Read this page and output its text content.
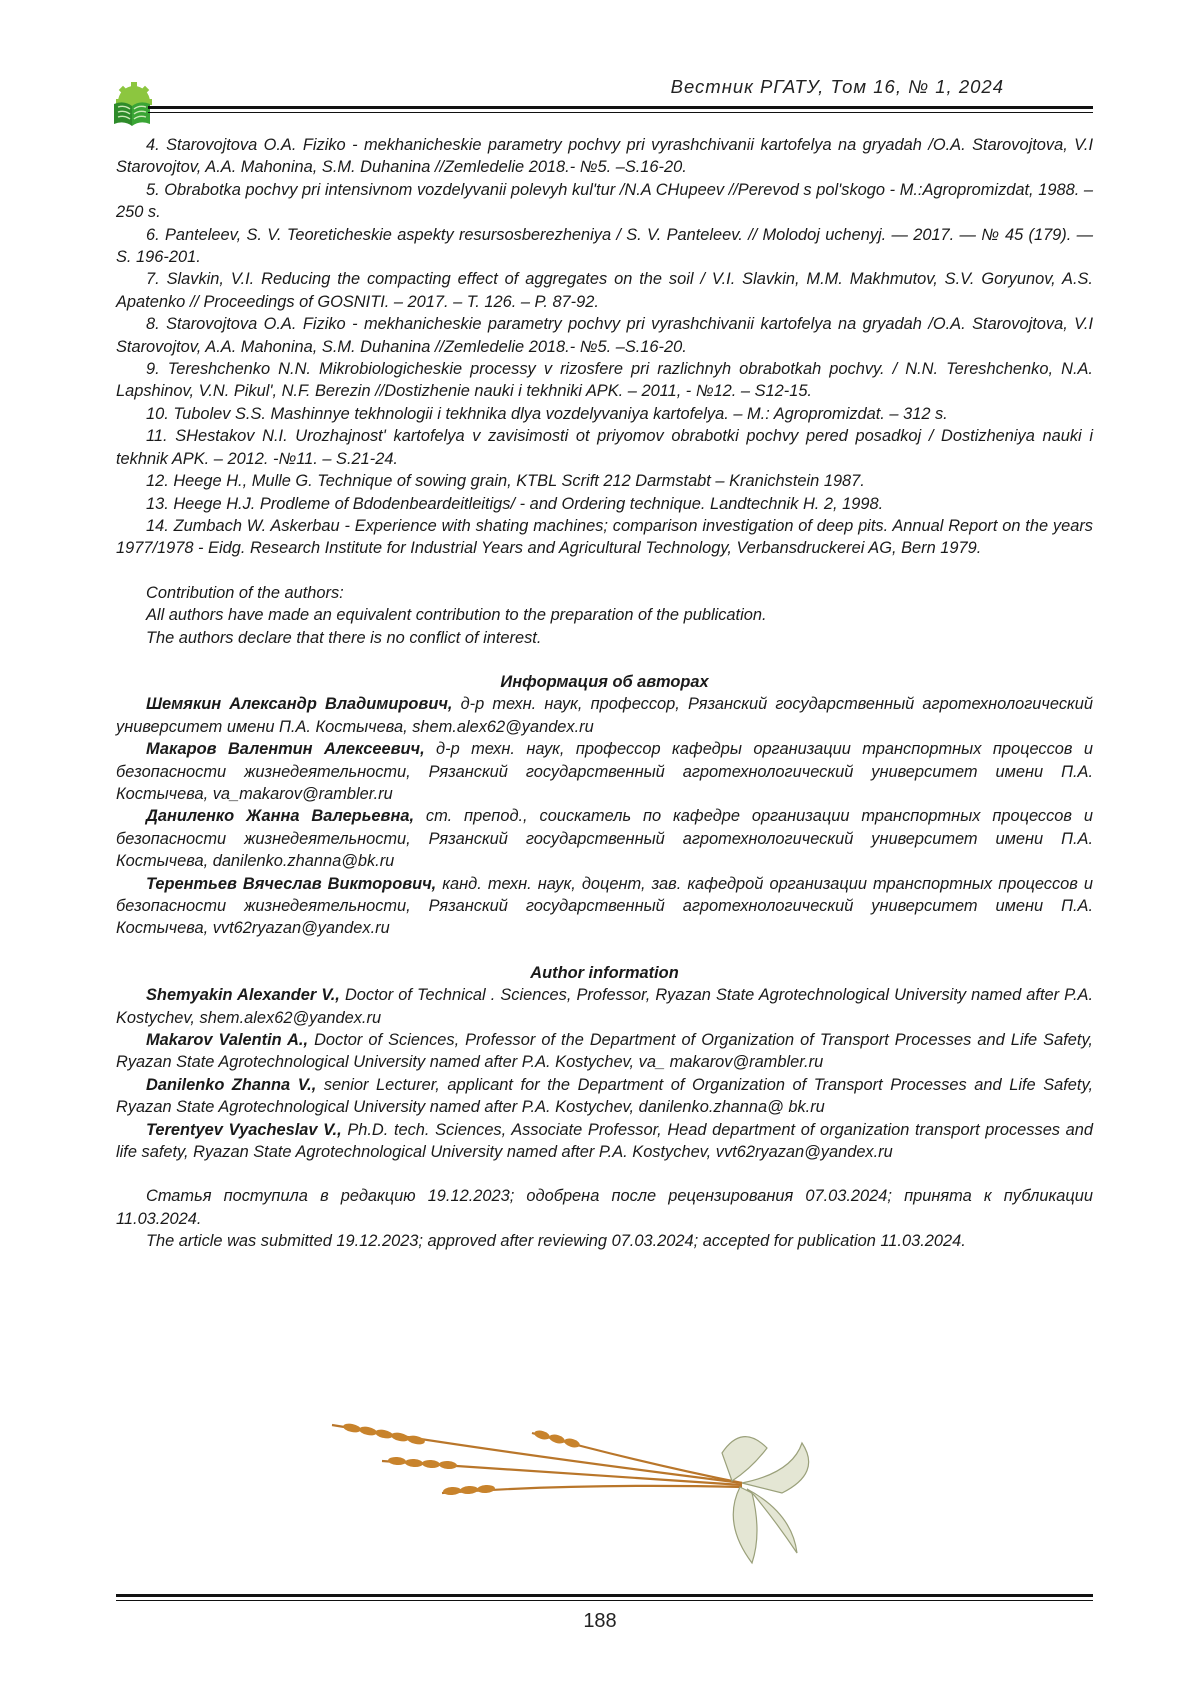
Вестник РГАТУ, Том 16, № 1, 2024

4. Starovojtova O.A. Fiziko - mekhanicheskie parametry pochvy pri vyrashchivanii kartofelya na gryadah /O.A. Starovojtova, V.I Starovojtov, A.A. Mahonina, S.M. Duhanina //Zemledelie 2018.- №5. –S.16-20.

5. Obrabotka pochvy pri intensivnom vozdelyvanii polevyh kul'tur /N.A CHupeev //Perevod s pol'skogo - M.:Agropromizdat, 1988. – 250 s.

6. Panteleev, S. V. Teoreticheskie aspekty resursosberezheniya / S. V. Panteleev. // Molodoj uchenyj. — 2017. — № 45 (179). — S. 196-201.

7. Slavkin, V.I. Reducing the compacting effect of aggregates on the soil / V.I. Slavkin, M.M. Makhmutov, S.V. Goryunov, A.S. Apatenko // Proceedings of GOSNITI. – 2017. – T. 126. – P. 87-92.

8. Starovojtova O.A. Fiziko - mekhanicheskie parametry pochvy pri vyrashchivanii kartofelya na gryadah /O.A. Starovojtova, V.I Starovojtov, A.A. Mahonina, S.M. Duhanina //Zemledelie 2018.- №5. –S.16-20.

9. Tereshchenko N.N. Mikrobiologicheskie processy v rizosfere pri razlichnyh obrabotkah pochvy. / N.N. Tereshchenko, N.A. Lapshinov, V.N. Pikul', N.F. Berezin //Dostizhenie nauki i tekhniki APK. – 2011, - №12. – S12-15.

10. Tubolev S.S. Mashinnye tekhnologii i tekhnika dlya vozdelyvaniya kartofelya. – M.: Agropromizdat. – 312 s.

11. SHestakov N.I. Urozhajnost' kartofelya v zavisimosti ot priyomov obrabotki pochvy pered posadkoj / Dostizheniya nauki i tekhnik APK. – 2012. -№11. – S.21-24.

12. Heege H., Mulle G. Technique of sowing grain, KTBL Scrift 212 Darmstabt – Kranichstein 1987.

13. Heege H.J. Prodleme of Bdodenbeardeitleitigs/ - and Ordering technique. Landtechnik H. 2, 1998.

14. Zumbach W. Askerbau - Experience with shating machines; comparison investigation of deep pits. Annual Report on the years 1977/1978 - Eidg. Research Institute for Industrial Years and Agricultural Technology, Verbansdruckerei AG, Bern 1979.

Contribution of the authors:

All authors have made an equivalent contribution to the preparation of the publication.

The authors declare that there is no conflict of interest.

Информация об авторах

Шемякин Александр Владимирович, д-р техн. наук, профессор, Рязанский государственный агротехнологический университет имени П.А. Костычева, shem.alex62@yandex.ru

Макаров Валентин Алексеевич, д-р техн. наук, профессор кафедры организации транспортных процессов и безопасности жизнедеятельности, Рязанский государственный агротехнологический университет имени П.А. Костычева, va_makarov@rambler.ru

Даниленко Жанна Валерьевна, ст. препод., соискатель по кафедре организации транспортных процессов и безопасности жизнедеятельности, Рязанский государственный агротехнологический университет имени П.А. Костычева, danilenko.zhanna@bk.ru

Терентьев Вячеслав Викторович, канд. техн. наук, доцент, зав. кафедрой организации транспортных процессов и безопасности жизнедеятельности, Рязанский государственный агротехнологический университет имени П.А. Костычева, vvt62ryazan@yandex.ru

Author information

Shemyakin Alexander V., Doctor of Technical . Sciences, Professor, Ryazan State Agrotechnological University named after P.A. Kostychev, shem.alex62@yandex.ru

Makarov Valentin A., Doctor of Sciences, Professor of the Department of Organization of Transport Processes and Life Safety, Ryazan State Agrotechnological University named after P.A. Kostychev, va_ makarov@rambler.ru

Danilenko Zhanna V., senior Lecturer, applicant for the Department of Organization of Transport Processes and Life Safety, Ryazan State Agrotechnological University named after P.A. Kostychev, danilenko.zhanna@ bk.ru

Terentyev Vyacheslav V., Ph.D. tech. Sciences, Associate Professor, Head department of organization transport processes and life safety, Ryazan State Agrotechnological University named after P.A. Kostychev, vvt62ryazan@yandex.ru

Статья поступила в редакцию 19.12.2023; одобрена после рецензирования 07.03.2024; принята к публикации 11.03.2024.

The article was submitted 19.12.2023; approved after reviewing 07.03.2024; accepted for publication 11.03.2024.

188
